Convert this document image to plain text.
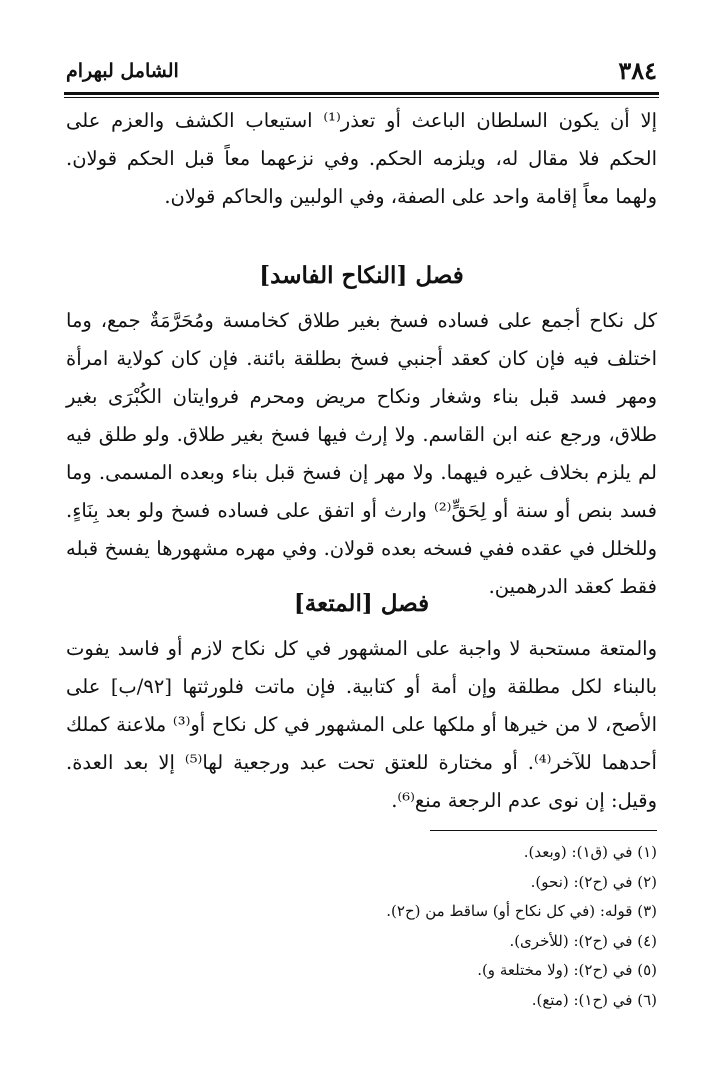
٣٨٤
الشامل لبهرام

إلا أن يكون السلطان الباعث أو تعذر⁽¹⁾ استيعاب الكشف والعزم على الحكم فلا مقال له، ويلزمه الحكم. وفي نزعهما معاً قبل الحكم قولان. ولهما معاً إقامة واحد على الصفة، وفي الولبين والحاكم قولان.

فصل [النكاح الفاسد]

كل نكاح أجمع على فساده فسخ بغير طلاق كخامسة ومُحَرَّمَةٌ جمع، وما اختلف فيه فإن كان كعقد أجنبي فسخ بطلقة بائنة. فإن كان كولاية امرأة ومهر فسد قبل بناء وشغار ونكاح مريض ومحرم فروايتان الكُبْرَى بغير طلاق، ورجع عنه ابن القاسم. ولا إرث فيها فسخ بغير طلاق. ولو طلق فيه لم يلزم بخلاف غيره فيهما. ولا مهر إن فسخ قبل بناء وبعده المسمى. وما فسد بنص أو سنة أو لِحَقٍّ⁽²⁾ وارث أو اتفق على فساده فسخ ولو بعد بِنَاءٍ. وللخلل في عقده ففي فسخه بعده قولان. وفي مهره مشهورها يفسخ قبله فقط كعقد الدرهمين.

فصل [المتعة]

والمتعة مستحبة لا واجبة على المشهور في كل نكاح لازم أو فاسد يفوت بالبناء لكل مطلقة وإن أمة أو كتابية. فإن ماتت فلورثتها [٩٢/ب] على الأصح، لا من خيرها أو ملكها على المشهور في كل نكاح أو⁽³⁾ ملاعنة كملك أحدهما للآخر⁽⁴⁾. أو مختارة للعتق تحت عبد ورجعية لها⁽⁵⁾ إلا بعد العدة. وقيل: إن نوى عدم الرجعة منع⁽⁶⁾.

(١) في (ق١): (وبعد).

(٢) في (ح٢): (نحو).

(٣) قوله: (في كل نكاح أو) ساقط من (ح٢).

(٤) في (ح٢): (للأخرى).

(٥) في (ح٢): (ولا مختلعة و).

(٦) في (ح١): (متع).
